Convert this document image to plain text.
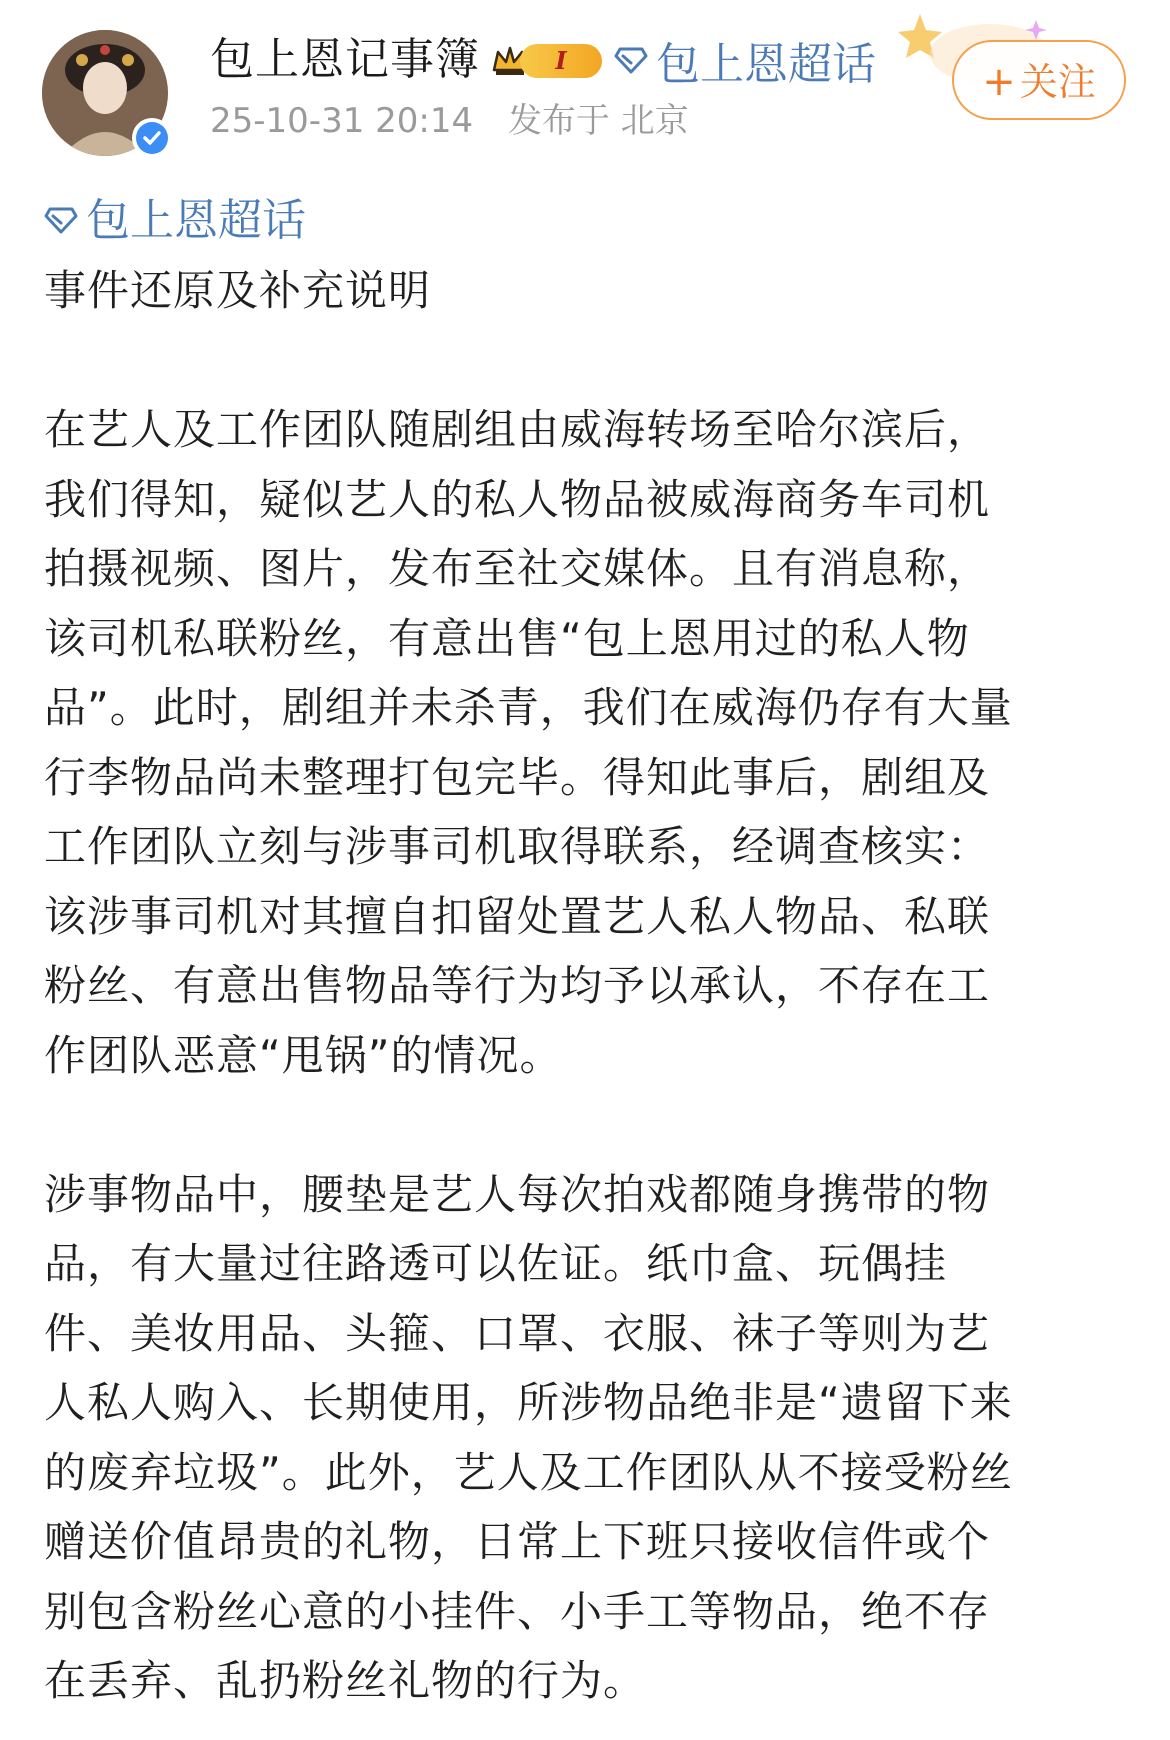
包上恩记事簿	I	包上恩超话
25-10-31 20:14 发布于 北京
+ 关注
包上恩超话

事件还原及补充说明

在艺人及工作团队随剧组由威海转场至哈尔滨后，

我们得知，疑似艺人的私人物品被威海商务车司机

拍摄视频、图片，发布至社交媒体。且有消息称，

该司机私联粉丝，有意出售“包上恩用过的私人物

品”。此时，剧组并未杀青，我们在威海仍存有大量

行李物品尚未整理打包完毕。得知此事后，剧组及

工作团队立刻与涉事司机取得联系，经调查核实：

该涉事司机对其擅自扣留处置艺人私人物品、私联

粉丝、有意出售物品等行为均予以承认，不存在工

作团队恶意“甩锅”的情况。

涉事物品中，腰垫是艺人每次拍戏都随身携带的物

品，有大量过往路透可以佐证。纸巾盒、玩偶挂

件、美妆用品、头箍、口罩、衣服、袜子等则为艺

人私人购入、长期使用，所涉物品绝非是“遗留下来

的废弃垃圾”。此外，艺人及工作团队从不接受粉丝

赠送价值昂贵的礼物，日常上下班只接收信件或个

别包含粉丝心意的小挂件、小手工等物品，绝不存

在丢弃、乱扔粉丝礼物的行为。
